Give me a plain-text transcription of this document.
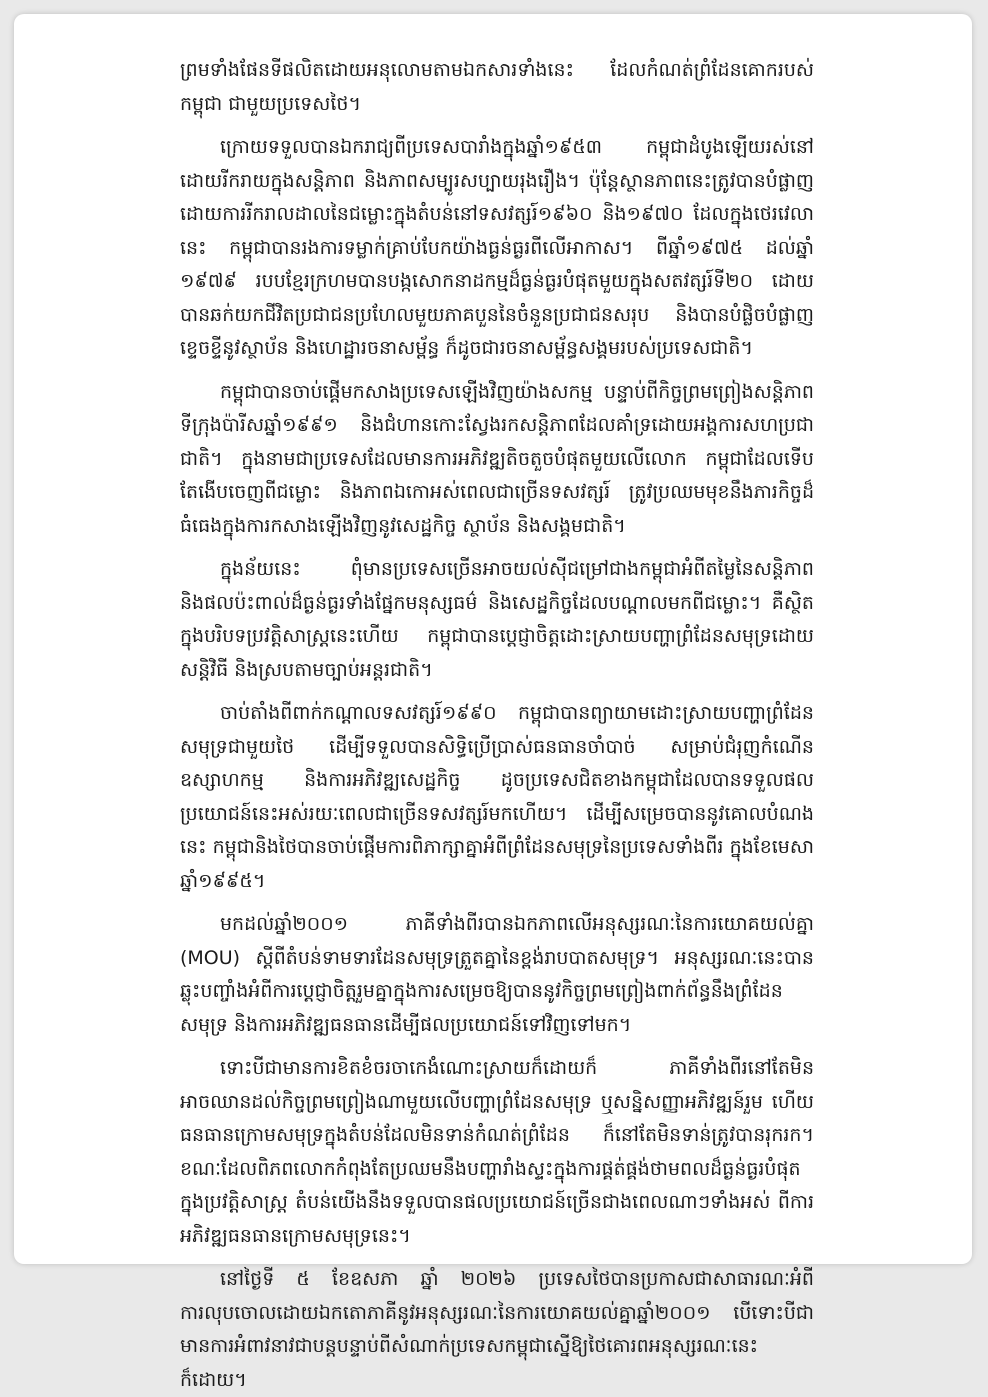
ព្រមទាំងផែនទីផលិតដោយអនុលោមតាមឯកសារទាំងនេះ ដែលកំណត់ព្រំដែនគោករបស់កម្ពុជា ជាមួយប្រទេសថៃ។

ក្រោយទទួលបានឯករាជ្យពីប្រទេសបារាំងក្នុងឆ្នាំ១៩៥៣ កម្ពុជាដំបូងឡើយរស់នៅដោយរីករាយក្នុងសន្តិភាព និងភាពសម្បូរសប្បាយរុងរឿង។ ប៉ុន្តែស្ថានភាពនេះត្រូវបានបំផ្លាញដោយការរីករាលដាលនៃជម្លោះក្នុងតំបន់នៅទសវត្សរ៍១៩៦០ និង១៩៧០ ដែលក្នុងថេរវេលានេះ កម្ពុជាបានរងការទម្លាក់គ្រាប់បែកយ៉ាងធ្ងន់ធ្ងរពីលើអាកាស។ ពីឆ្នាំ១៩៧៥ ដល់ឆ្នាំ ១៩៧៩ របបខ្មែរក្រហមបានបង្កសោកនាដកម្មដ៏ធ្ងន់ធ្ងរបំផុតមួយក្នុងសតវត្សរ៍ទី២០ ដោយបានឆក់យកជីវិតប្រជាជនប្រហែលមួយភាគបួននៃចំនួនប្រជាជនសរុប និងបានបំផ្លិចបំផ្លាញខ្ទេចខ្ទីនូវស្ថាប័ន និងហេដ្ឋារចនាសម្ព័ន្ធ ក៏ដូចជារចនាសម្ព័ន្ធសង្គមរបស់ប្រទេសជាតិ។

កម្ពុជាបានចាប់ផ្តើមកសាងប្រទេសឡើងវិញយ៉ាងសកម្ម បន្ទាប់ពីកិច្ចព្រមព្រៀងសន្តិភាពទីក្រុងប៉ារីសឆ្នាំ១៩៩១ និងជំហានកោះស្វែងរកសន្តិភាពដែលគាំទ្រដោយអង្គការសហប្រជាជាតិ។ ក្នុងនាមជាប្រទេសដែលមានការអភិវឌ្ឍតិចតួចបំផុតមួយលើលោក កម្ពុជាដែលទើបតែងើបចេញពីជម្លោះ និងភាពឯកោអស់ពេលជាច្រើនទសវត្សរ៍ ត្រូវប្រឈមមុខនឹងភារកិច្ចដ៏ធំធេងក្នុងការកសាងឡើងវិញនូវសេដ្ឋកិច្ច ស្ថាប័ន និងសង្គមជាតិ។

ក្នុងន័យនេះ ពុំមានប្រទេសច្រើនអាចយល់ស៊ីជម្រៅជាងកម្ពុជាអំពីតម្លៃនៃសន្តិភាព និងផលប៉ះពាល់ដ៏ធ្ងន់ធ្ងរទាំងផ្នែកមនុស្សធម៌ និងសេដ្ឋកិច្ចដែលបណ្តាលមកពីជម្លោះ។ គឺស្ថិតក្នុងបរិបទប្រវត្តិសាស្ត្រនេះហើយ កម្ពុជាបានប្តេជ្ញាចិត្តដោះស្រាយបញ្ហាព្រំដែនសមុទ្រដោយសន្តិវិធី និងស្របតាមច្បាប់អន្តរជាតិ។

ចាប់តាំងពីពាក់កណ្តាលទសវត្សរ៍១៩៩០ កម្ពុជាបានព្យាយាមដោះស្រាយបញ្ហាព្រំដែនសមុទ្រជាមួយថៃ ដើម្បីទទួលបានសិទ្ធិប្រើប្រាស់ធនធានចាំបាច់ សម្រាប់ជំរុញកំណើនឧស្សាហកម្ម និងការអភិវឌ្ឍសេដ្ឋកិច្ច ដូចប្រទេសជិតខាងកម្ពុជាដែលបានទទួលផលប្រយោជន៍នេះអស់រយៈពេលជាច្រើនទសវត្សរ៍មកហើយ។ ដើម្បីសម្រេចបាននូវគោលបំណងនេះ កម្ពុជានិងថៃបានចាប់ផ្តើមការពិភាក្សាគ្នាអំពីព្រំដែនសមុទ្រនៃប្រទេសទាំងពីរ ក្នុងខែមេសា ឆ្នាំ១៩៩៥។

មកដល់ឆ្នាំ២០០១ ភាគីទាំងពីរបានឯកភាពលើអនុស្សរណៈនៃការយោគយល់គ្នា (MOU) ស្តីពីតំបន់ទាមទារដែនសមុទ្រត្រួតគ្នានៃខ្ពង់រាបបាតសមុទ្រ។ អនុស្សរណៈនេះបានឆ្លុះបញ្ចាំងអំពីការប្តេជ្ញាចិត្តរួមគ្នាក្នុងការសម្រេចឱ្យបាននូវកិច្ចព្រមព្រៀងពាក់ព័ន្ធនឹងព្រំដែនសមុទ្រ និងការអភិវឌ្ឍធនធានដើម្បីផលប្រយោជន៍ទៅវិញទៅមក។

ទោះបីជាមានការខិតខំចរចាកេងំណោះស្រាយក៏ដោយក៏ ភាគីទាំងពីរនៅតែមិនអាចឈានដល់កិច្ចព្រមព្រៀងណាមួយលើបញ្ហាព្រំដែនសមុទ្រ ឬសន្និសញ្ញាអភិវឌ្ឍន៍រួម ហើយធនធានក្រោមសមុទ្រក្នុងតំបន់ដែលមិនទាន់កំណត់ព្រំដែន ក៏នៅតែមិនទាន់ត្រូវបានរុករក។ ខណៈដែលពិភពលោកកំពុងតែប្រឈមនឹងបញ្ហារាំងស្ទះក្នុងការផ្គត់ផ្គង់ថាមពលដ៏ធ្ងន់ធ្ងរបំផុតក្នុងប្រវត្តិសាស្ត្រ តំបន់យើងនឹងទទួលបានផលប្រយោជន៍ច្រើនជាងពេលណាៗទាំងអស់ ពីការអភិវឌ្ឍធនធានក្រោមសមុទ្រនេះ។

នៅថ្ងៃទី ៥ ខែឧសភា ឆ្នាំ ២០២៦ ប្រទេសថៃបានប្រកាសជាសាធារណៈអំពីការលុបចោលដោយឯកតោភាគីនូវអនុស្សរណៈនៃការយោគយល់គ្នាឆ្នាំ២០០១ បើទោះបីជាមានការអំពាវនាវជាបន្តបន្ទាប់ពីសំណាក់ប្រទេសកម្ពុជាស្នើឱ្យថៃគោរពអនុស្សរណៈនេះក៏ដោយ។
